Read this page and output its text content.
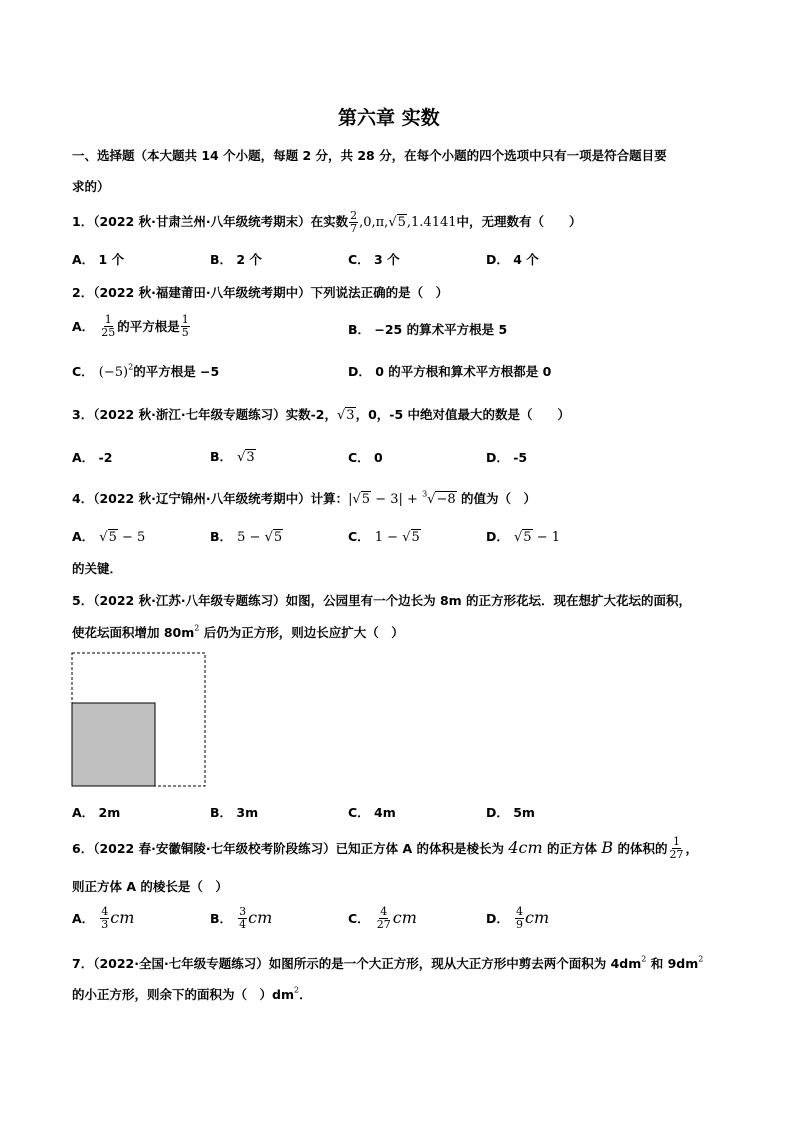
第六章 实数
一、选择题（本大题共 14 个小题，每题 2 分，共 28 分，在每个小题的四个选项中只有一项是符合题目要
求的）
1．（2022 秋·甘肃兰州·八年级统考期末）在实数 $\frac{2}{7} ,0,\pi,√5,1.4141$中，无理数有（　　）
A． 1 个	B． 2 个	C． 3 个	D． 4 个
2．（2022 秋·福建莆田·八年级统考期中）下列说法正确的是（　）
A． $\frac{1}{25}$ 的平方根是 $\frac{1}{5}$	B． −25 的算术平方根是 5
C． $(-5)^2$的平方根是 −5	D． 0 的平方根和算术平方根都是 0
3．（2022 秋·浙江·七年级专题练习）实数-2，√3，0，-5 中绝对值最大的数是（　　）
A． -2	B． √3	C． 0	D． -5
4．（2022 秋·辽宁锦州·八年级统考期中）计算：|√5 − 3| + $^3$√−8 的值为（　）
A． √5 − 5	B． 5 − √5	C． 1 − √5	D． √5 − 1
的关键．
5．（2022 秋·江苏·八年级专题练习）如图，公园里有一个边长为 8m 的正方形花坛．现在想扩大花坛的面积，
使花坛面积增加 $80m^2$ 后仍为正方形，则边长应扩大（　）
A． 2m	B． 3m	C． 4m	D． 5m
6．（2022 春·安徽铜陵·七年级校考阶段练习）已知正方体 A 的体积是棱长为 4cm 的正方体 B 的体积的 $\frac{1}{27}$ ，
则正方体 A 的棱长是（　）
A． $\frac{4}{3}$ cm	B． $\frac{3}{4}$ cm	C． $\frac{4}{27}$ cm	D． $\frac{4}{9}$ cm
7．（2022·全国·七年级专题练习）如图所示的是一个大正方形，现从大正方形中剪去两个面积为 $4dm^2$ 和 $9dm^2$
的小正方形，则余下的面积为（　）$dm^2$．
